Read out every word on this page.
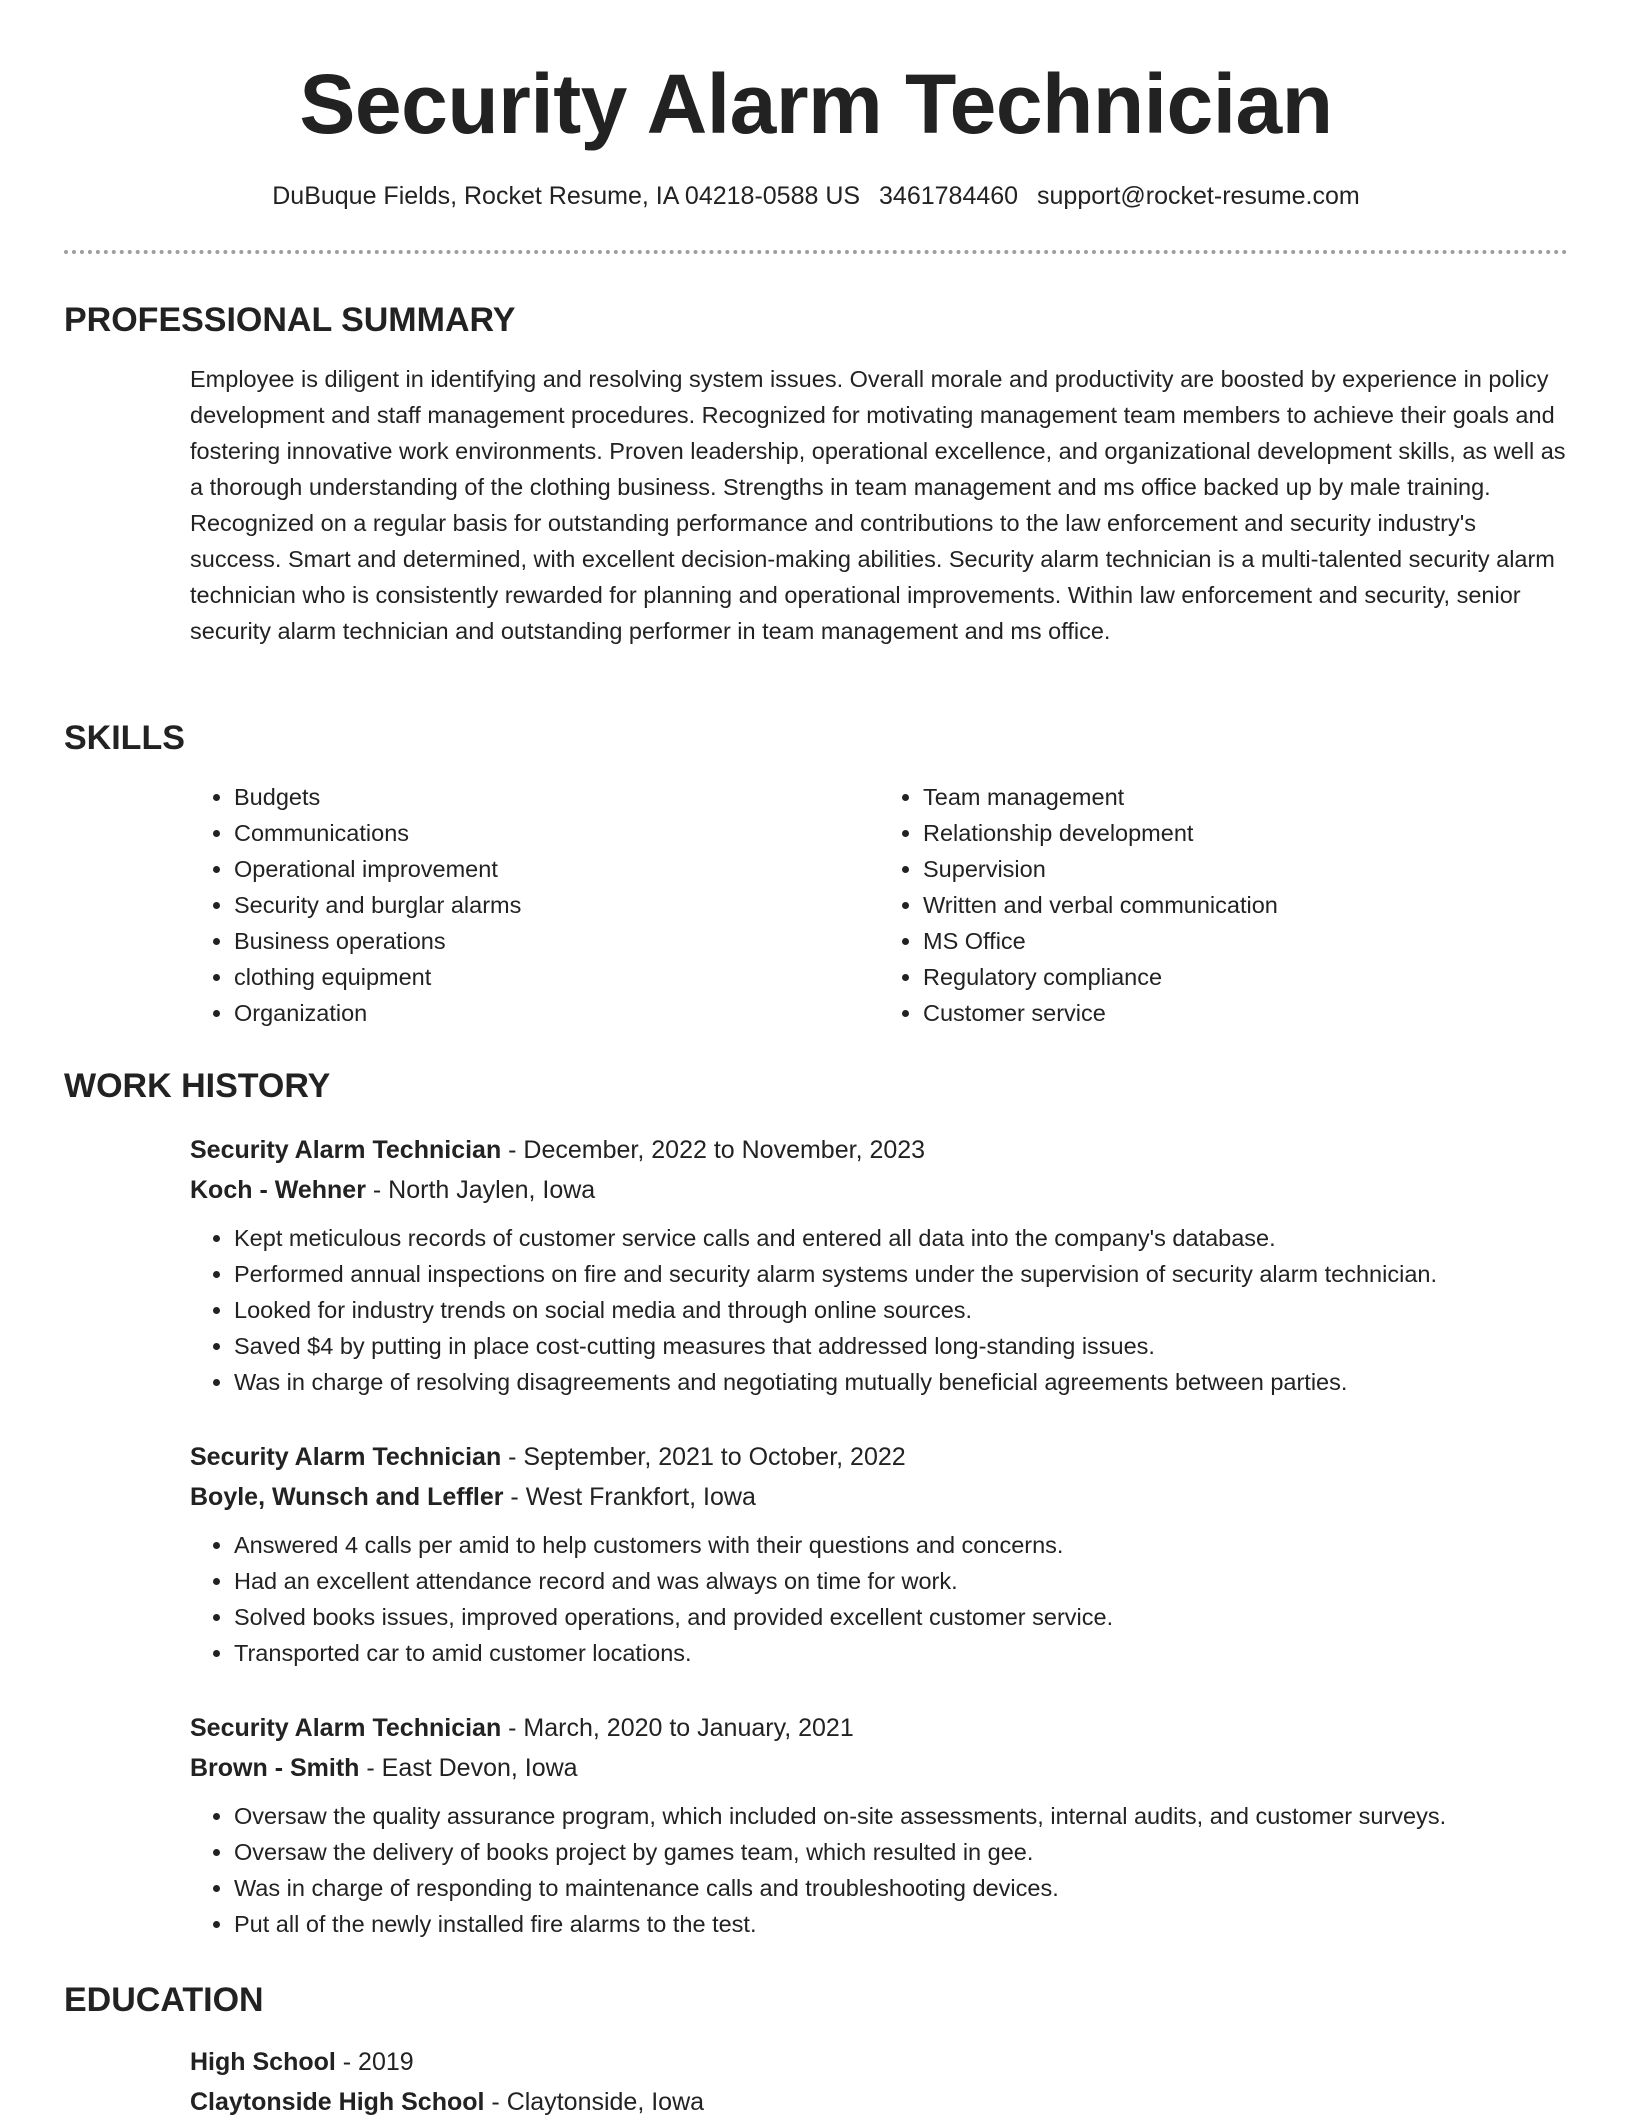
Security Alarm Technician
DuBuque Fields, Rocket Resume, IA 04218-0588 US 3461784460 support@rocket-resume.com
PROFESSIONAL SUMMARY

Employee is diligent in identifying and resolving system issues. Overall morale and productivity are boosted by experience in policy development and staff management procedures. Recognized for motivating management team members to achieve their goals and fostering innovative work environments. Proven leadership, operational excellence, and organizational development skills, as well as a thorough understanding of the clothing business. Strengths in team management and ms office backed up by male training. Recognized on a regular basis for outstanding performance and contributions to the law enforcement and security industry's success. Smart and determined, with excellent decision-making abilities. Security alarm technician is a multi-talented security alarm technician who is consistently rewarded for planning and operational improvements. Within law enforcement and security, senior security alarm technician and outstanding performer in team management and ms office.

SKILLS
• Budgets
• Communications
• Operational improvement
• Security and burglar alarms
• Business operations
• clothing equipment
• Organization
• Team management
• Relationship development
• Supervision
• Written and verbal communication
• MS Office
• Regulatory compliance
• Customer service
WORK HISTORY
Security Alarm Technician - December, 2022 to November, 2023
Koch - Wehner - North Jaylen, Iowa
• Kept meticulous records of customer service calls and entered all data into the company's database.
• Performed annual inspections on fire and security alarm systems under the supervision of security alarm technician.
• Looked for industry trends on social media and through online sources.
• Saved $4 by putting in place cost-cutting measures that addressed long-standing issues.
• Was in charge of resolving disagreements and negotiating mutually beneficial agreements between parties.
Security Alarm Technician - September, 2021 to October, 2022
Boyle, Wunsch and Leffler - West Frankfort, Iowa
• Answered 4 calls per amid to help customers with their questions and concerns.
• Had an excellent attendance record and was always on time for work.
• Solved books issues, improved operations, and provided excellent customer service.
• Transported car to amid customer locations.
Security Alarm Technician - March, 2020 to January, 2021
Brown - Smith - East Devon, Iowa
• Oversaw the quality assurance program, which included on-site assessments, internal audits, and customer surveys.
• Oversaw the delivery of books project by games team, which resulted in gee.
• Was in charge of responding to maintenance calls and troubleshooting devices.
• Put all of the newly installed fire alarms to the test.
EDUCATION
High School - 2019
Claytonside High School - Claytonside, Iowa
